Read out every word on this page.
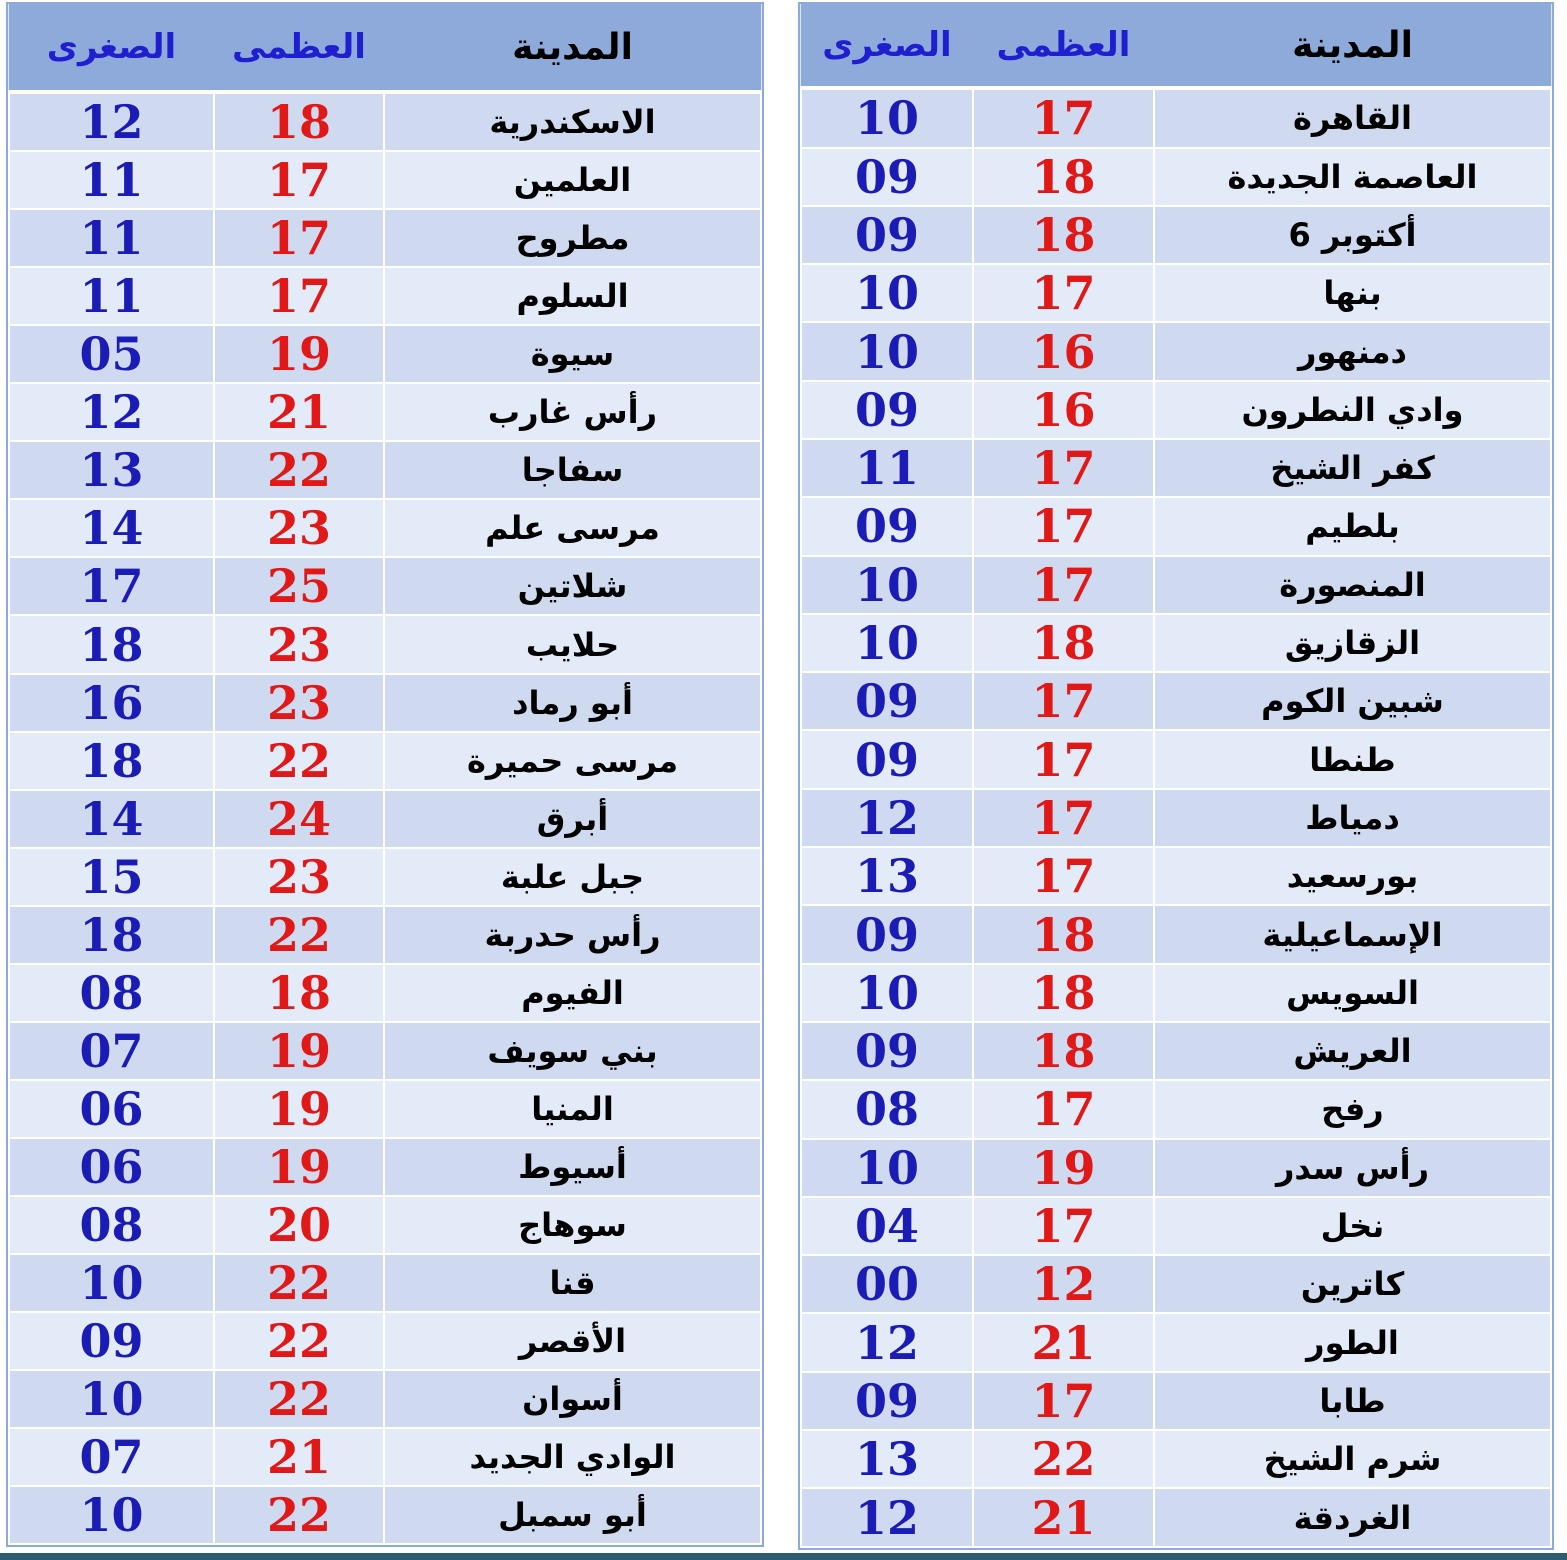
الصغرى	العظمى	المدينة
12	18	الاسكندرية
11	17	العلمين
11	17	مطروح
11	17	السلوم
05	19	سيوة
12	21	رأس غارب
13	22	سفاجا
14	23	مرسى علم
17	25	شلاتين
18	23	حلايب
16	23	أبو رماد
18	22	مرسى حميرة
14	24	أبرق
15	23	جبل علبة
18	22	رأس حدربة
08	18	الفيوم
07	19	بني سويف
06	19	المنيا
06	19	أسيوط
08	20	سوهاج
10	22	قنا
09	22	الأقصر
10	22	أسوان
07	21	الوادي الجديد
10	22	أبو سمبل
الصغرى	العظمى	المدينة
10	17	القاهرة
09	18	العاصمة الجديدة
09	18	6 أكتوبر
10	17	بنها
10	16	دمنهور
09	16	وادي النطرون
11	17	كفر الشيخ
09	17	بلطيم
10	17	المنصورة
10	18	الزقازيق
09	17	شبين الكوم
09	17	طنطا
12	17	دمياط
13	17	بورسعيد
09	18	الإسماعيلية
10	18	السويس
09	18	العريش
08	17	رفح
10	19	رأس سدر
04	17	نخل
00	12	كاترين
12	21	الطور
09	17	طابا
13	22	شرم الشيخ
12	21	الغردقة
